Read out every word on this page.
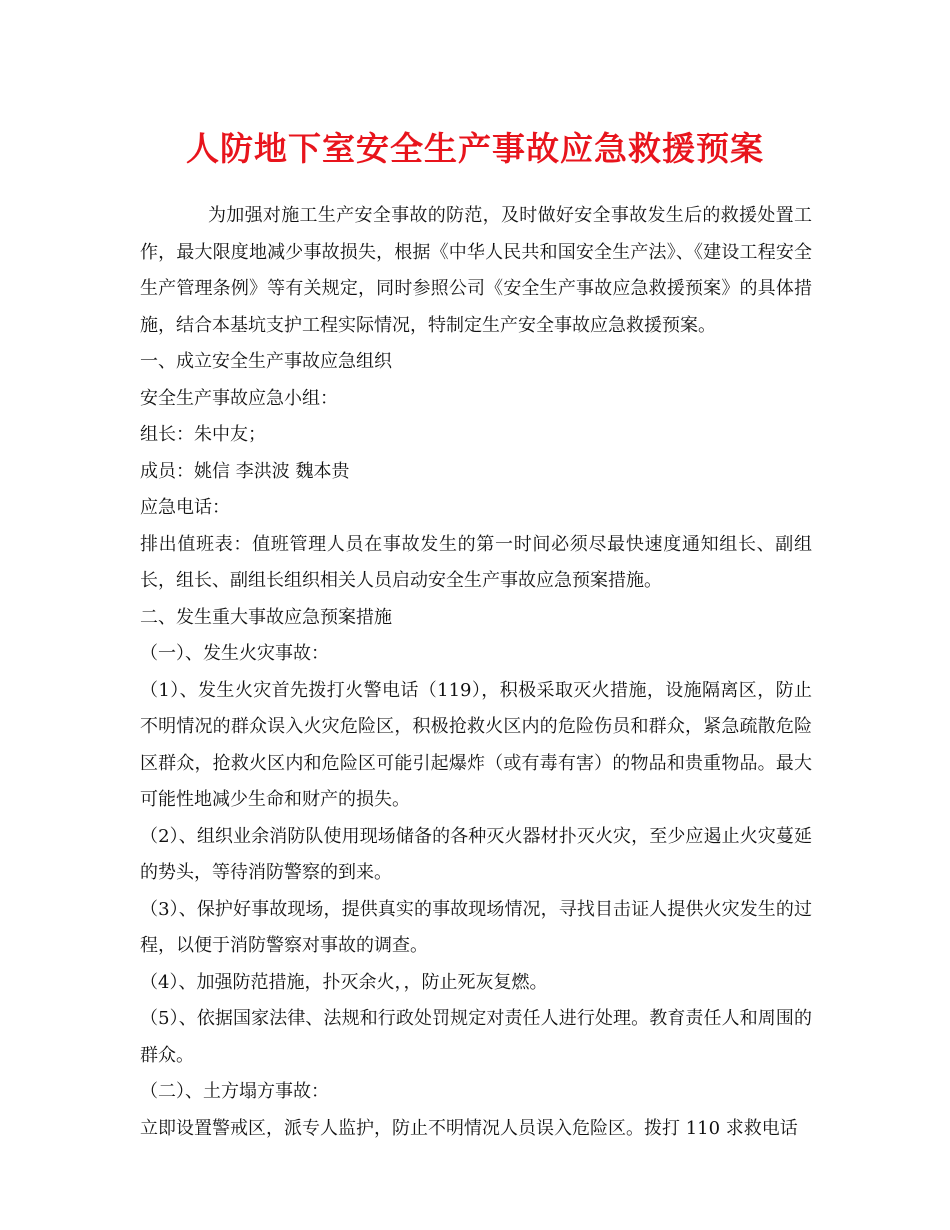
人防地下室安全生产事故应急救援预案

为加强对施工生产安全事故的防范，及时做好安全事故发生后的救援处置工作，最大限度地减少事故损失，根据《中华人民共和国安全生产法》、《建设工程安全生产管理条例》等有关规定，同时参照公司《安全生产事故应急救援预案》的具体措施，结合本基坑支护工程实际情况，特制定生产安全事故应急救援预案。

一、成立安全生产事故应急组织

安全生产事故应急小组：

组长：朱中友；

成员：姚信 李洪波 魏本贵

应急电话：

排出值班表：值班管理人员在事故发生的第一时间必须尽最快速度通知组长、副组长，组长、副组长组织相关人员启动安全生产事故应急预案措施。

二、发生重大事故应急预案措施

（一）、发生火灾事故：

（1）、发生火灾首先拨打火警电话（119），积极采取灭火措施，设施隔离区，防止不明情况的群众误入火灾危险区，积极抢救火区内的危险伤员和群众，紧急疏散危险区群众，抢救火区内和危险区可能引起爆炸（或有毒有害）的物品和贵重物品。最大可能性地减少生命和财产的损失。

（2）、组织业余消防队使用现场储备的各种灭火器材扑灭火灾，至少应遏止火灾蔓延的势头，等待消防警察的到来。

（3）、保护好事故现场，提供真实的事故现场情况，寻找目击证人提供火灾发生的过程，以便于消防警察对事故的调查。

（4）、加强防范措施，扑灭余火，，防止死灰复燃。

（5）、依据国家法律、法规和行政处罚规定对责任人进行处理。教育责任人和周围的群众。

（二）、土方塌方事故：

立即设置警戒区，派专人监护，防止不明情况人员误入危险区。拨打 110 求救电话
